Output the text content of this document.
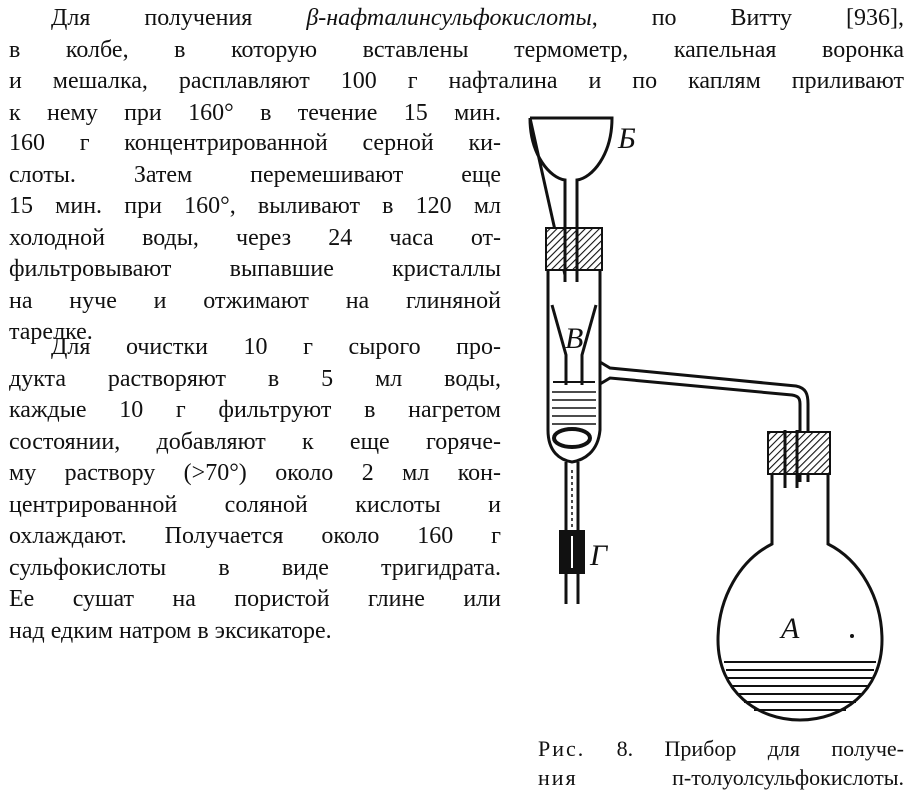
Для получения β-нафталинсульфокислоты, по Витту [936],
в колбе, в которую вставлены термометр, капельная воронка
и мешалка, расплавляют 100 г нафталина и по каплям приливают
к нему при 160° в течение 15 мин.
160 г концентрированной серной ки-
слоты. Затем перемешивают еще
15 мин. при 160°, выливают в 120 мл
холодной воды, через 24 часа от-
фильтровывают выпавшие кристаллы
на нуче и отжимают на глиняной
тарелке.
Для очистки 10 г сырого про-
дукта растворяют в 5 мл воды,
каждые 10 г фильтруют в нагретом
состоянии, добавляют к еще горяче-
му раствору (>70°) около 2 мл кон-
центрированной соляной кислоты и
охлаждают. Получается около 160 г
сульфокислоты в виде тригидрата.
Ее сушат на пористой глине или
над едким натром в эксикаторе.
Б
В
Г
А
Рис. 8. Прибор для получе-
ния	п-толуолсульфокислоты.
